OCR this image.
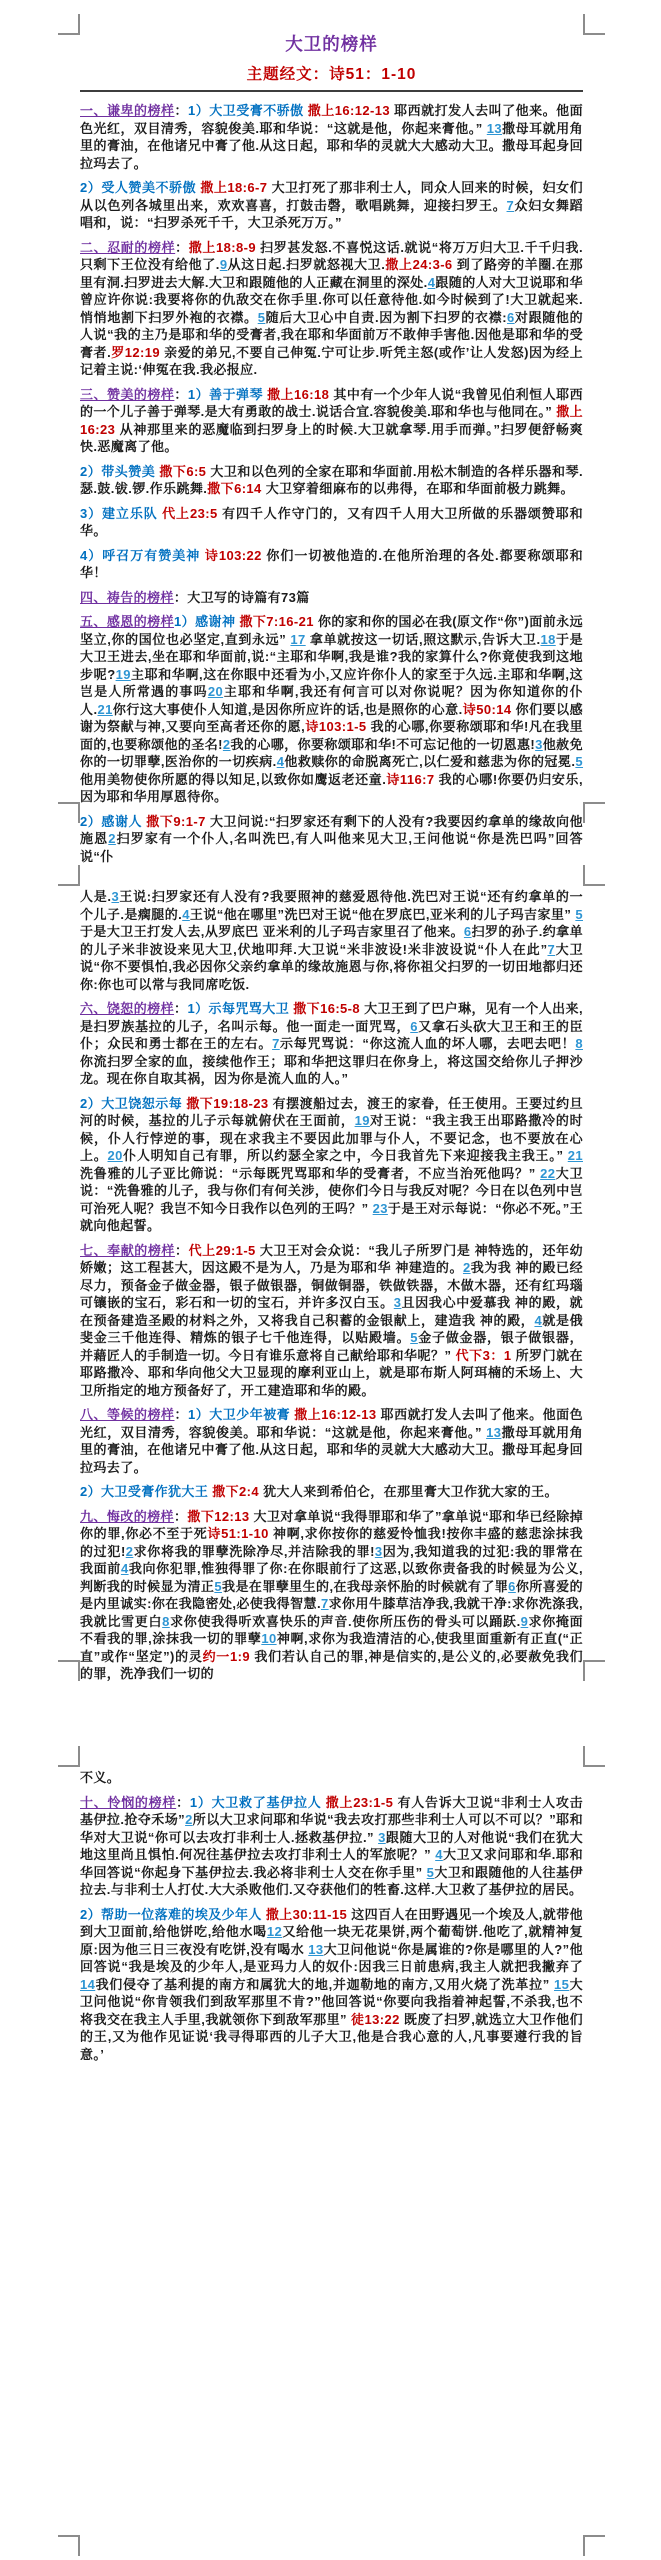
大卫的榜样
主题经文：诗51：1-10

一、谦卑的榜样：1）大卫受膏不骄傲 撒上16:12-13 耶西就打发人去叫了他来。他面色光红，双目清秀，容貌俊美.耶和华说：“这就是他，你起来膏他。” 13撒母耳就用角里的膏油，在他诸兄中膏了他.从这日起，耶和华的灵就大大感动大卫。撒母耳起身回拉玛去了。

2）受人赞美不骄傲 撒上18:6-7 大卫打死了那非利士人，同众人回来的时候，妇女们从以色列各城里出来，欢欢喜喜，打鼓击磬，歌唱跳舞，迎接扫罗王。7众妇女舞蹈唱和，说：“扫罗杀死千千，大卫杀死万万。”

二、忍耐的榜样：撒上18:8-9 扫罗甚发怒.不喜悦这话.就说“将万万归大卫.千千归我.只剩下王位没有给他了.9从这日起.扫罗就怒视大卫.撒上24:3-6 到了路旁的羊圈.在那里有洞.扫罗进去大解.大卫和跟随他的人正藏在洞里的深处.4跟随的人对大卫说耶和华曾应许你说:我要将你的仇敌交在你手里.你可以任意待他.如今时候到了!大卫就起来.悄悄地割下扫罗外袍的衣襟。5随后大卫心中自责.因为割下扫罗的衣襟:6对跟随他的人说“我的主乃是耶和华的受膏者,我在耶和华面前万不敢伸手害他.因他是耶和华的受膏者.罗12:19 亲爱的弟兄,不要自己伸冤.宁可让步.听凭主怒(或作’让人发怒)因为经上记着主说:‘伸冤在我.我必报应.

三、赞美的榜样：1）善于弹琴 撒上16:18 其中有一个少年人说“我曾见伯利恒人耶西的一个儿子善于弹琴.是大有勇敢的战士.说话合宜.容貌俊美.耶和华也与他同在。” 撒上16:23 从神那里来的恶魔临到扫罗身上的时候.大卫就拿琴.用手而弹。”扫罗便舒畅爽快.恶魔离了他。

2）带头赞美 撒下6:5 大卫和以色列的全家在耶和华面前.用松木制造的各样乐器和琴.瑟.鼓.钹.锣.作乐跳舞.撒下6:14 大卫穿着细麻布的以弗得，在耶和华面前极力跳舞。

3）建立乐队 代上23:5 有四千人作守门的，又有四千人用大卫所做的乐器颂赞耶和华。

4）呼召万有赞美神 诗103:22 你们一切被他造的.在他所治理的各处.都要称颂耶和华！

四、祷告的榜样：大卫写的诗篇有73篇

五、感恩的榜样1）感谢神 撒下7:16-21 你的家和你的国必在我(原文作“你”)面前永远坚立,你的国位也必坚定,直到永远” 17 拿单就按这一切话,照这默示,告诉大卫.18于是大卫王进去,坐在耶和华面前,说:“主耶和华啊,我是谁?我的家算什么?你竟使我到这地步呢?19主耶和华啊,这在你眼中还看为小,又应许你仆人的家至于久远.主耶和华啊,这岂是人所常遇的事吗20主耶和华啊,我还有何言可以对你说呢？因为你知道你的仆人.21你行这大事使仆人知道,是因你所应许的话,也是照你的心意.诗50:14 你们要以感谢为祭献与神,又要向至高者还你的愿,诗103:1-5 我的心哪,你要称颂耶和华!凡在我里面的,也要称颂他的圣名!2我的心哪，你要称颂耶和华!不可忘记他的一切恩惠!3他赦免你的一切罪孽,医治你的一切疾病.4他救赎你的命脱离死亡,以仁爱和慈悲为你的冠冕.5他用美物使你所愿的得以知足,以致你如鹰返老还童.诗116:7 我的心哪!你要仍归安乐,因为耶和华用厚恩待你。

2）感谢人 撒下9:1-7 大卫问说:“扫罗家还有剩下的人没有?我要因约拿单的缘故向他施恩2扫罗家有一个仆人,名叫洗巴,有人叫他来见大卫,王问他说“你是洗巴吗”回答说“仆

人是.3王说:扫罗家还有人没有?我要照神的慈爱恩待他.洗巴对王说“还有约拿单的一个儿子.是瘸腿的.4王说“他在哪里”洗巴对王说“他在罗底巴,亚米利的儿子玛吉家里” 5于是大卫王打发人去,从罗底巴 亚米利的儿子玛吉家里召了他来。6扫罗的孙子.约拿单的儿子米非波设来见大卫,伏地叩拜.大卫说“米非波设!米非波设说“仆人在此”7大卫说“你不要惧怕,我必因你父亲约拿单的缘故施恩与你,将你祖父扫罗的一切田地都归还你:你也可以常与我同席吃饭.

六、饶恕的榜样：1）示每咒骂大卫 撒下16:5-8 大卫王到了巴户琳，见有一个人出来,是扫罗族基拉的儿子，名叫示每。他一面走一面咒骂，6又拿石头砍大卫王和王的臣仆；众民和勇士都在王的左右。7示每咒骂说：“你这流人血的坏人哪，去吧去吧！8你流扫罗全家的血，接续他作王；耶和华把这罪归在你身上，将这国交给你儿子押沙龙。现在你自取其祸，因为你是流人血的人。”

2）大卫饶恕示每 撒下19:18-23 有摆渡船过去，渡王的家眷，任王使用。王要过约旦河的时候，基拉的儿子示每就俯伏在王面前，19对王说：“我主我王出耶路撒冷的时候，仆人行悖逆的事，现在求我主不要因此加罪与仆人，不要记念，也不要放在心上。20仆人明知自己有罪，所以约瑟全家之中，今日我首先下来迎接我主我王。” 21 洗鲁雅的儿子亚比筛说：“示每既咒骂耶和华的受膏者，不应当治死他吗？” 22大卫说：“洗鲁雅的儿子，我与你们有何关涉，使你们今日与我反对呢？今日在以色列中岂可治死人呢？我岂不知今日我作以色列的王吗？” 23于是王对示每说：“你必不死。”王就向他起誓。

七、奉献的榜样：代上29:1-5 大卫王对会众说：“我儿子所罗门是 神特选的，还年幼娇嫩；这工程甚大，因这殿不是为人，乃是为耶和华 神建造的。2我为我 神的殿已经尽力，预备金子做金器，银子做银器，铜做铜器，铁做铁器，木做木器，还有红玛瑙可镶嵌的宝石，彩石和一切的宝石，并许多汉白玉。3且因我心中爱慕我 神的殿，就在预备建造圣殿的材料之外，又将我自己积蓄的金银献上，建造我 神的殿，4就是俄斐金三千他连得、精炼的银子七千他连得，以贴殿墙。5金子做金器，银子做银器，并藉匠人的手制造一切。今日有谁乐意将自己献给耶和华呢？” 代下3：1 所罗门就在耶路撒冷、耶和华向他父大卫显现的摩利亚山上，就是耶布斯人阿珥楠的禾场上、大卫所指定的地方预备好了，开工建造耶和华的殿。

八、等候的榜样：1）大卫少年被膏 撒上16:12-13 耶西就打发人去叫了他来。他面色光红，双目清秀，容貌俊美。耶和华说：“这就是他，你起来膏他。” 13撒母耳就用角里的膏油，在他诸兄中膏了他.从这日起，耶和华的灵就大大感动大卫。撒母耳起身回拉玛去了。

2）大卫受膏作犹大王 撒下2:4 犹大人来到希伯仑，在那里膏大卫作犹大家的王。

九、悔改的榜样：撒下12:13 大卫对拿单说“我得罪耶和华了”拿单说“耶和华已经除掉你的罪,你必不至于死诗51:1-10 神啊,求你按你的慈爱怜恤我!按你丰盛的慈悲涂抹我的过犯!2求你将我的罪孽洗除净尽,并洁除我的罪!3因为,我知道我的过犯:我的罪常在我面前4我向你犯罪,惟独得罪了你:在你眼前行了这恶,以致你责备我的时候显为公义,判断我的时候显为清正5我是在罪孽里生的,在我母亲怀胎的时候就有了罪6你所喜爱的是内里诚实:你在我隐密处,必使我得智慧.7求你用牛膝草洁净我,我就干净:求你洗涤我,我就比雪更白8求你使我得听欢喜快乐的声音.使你所压伤的骨头可以踊跃.9求你掩面不看我的罪,涂抹我一切的罪孽10神啊,求你为我造清洁的心,使我里面重新有正直(“正直”或作“坚定”)的灵约一1:9 我们若认自己的罪,神是信实的,是公义的,必要赦免我们的罪，洗净我们一切的

不义。

十、怜悯的榜样：1）大卫救了基伊拉人 撒上23:1-5 有人告诉大卫说“非利士人攻击基伊拉.抢夺禾场”2所以大卫求问耶和华说“我去攻打那些非利士人可以不可以？”耶和华对大卫说“你可以去攻打非利士人.拯救基伊拉.” 3跟随大卫的人对他说“我们在犹大地这里尚且惧怕.何况往基伊拉去攻打非利士人的军旅呢？” 4大卫又求问耶和华.耶和华回答说“你起身下基伊拉去.我必将非利士人交在你手里” 5大卫和跟随他的人往基伊拉去.与非利士人打仗.大大杀败他们.又夺获他们的牲畜.这样.大卫救了基伊拉的居民。

2）帮助一位落难的埃及少年人 撒上30:11-15 这四百人在田野遇见一个埃及人,就带他到大卫面前,给他饼吃,给他水喝12又给他一块无花果饼,两个葡萄饼.他吃了,就精神复原:因为他三日三夜没有吃饼,没有喝水 13大卫问他说“你是属谁的?你是哪里的人?”他回答说“我是埃及的少年人,是亚玛力人的奴仆:因我三日前患病,我主人就把我撇弃了14我们侵夺了基利提的南方和属犹大的地,并迦勒地的南方,又用火烧了洗革拉” 15大卫问他说“你肯领我们到敌军那里不肯?”他回答说“你要向我指着神起誓,不杀我,也不将我交在我主人手里,我就领你下到敌军那里” 徒13:22 既废了扫罗,就选立大卫作他们的王,又为他作见证说‘我寻得耶西的儿子大卫,他是合我心意的人,凡事要遵行我的旨意。’
